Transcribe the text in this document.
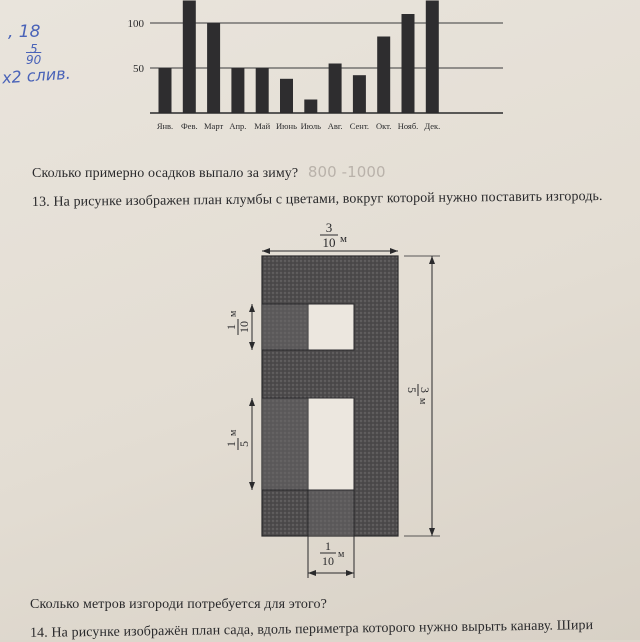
50
100
Янв. Фев. Март Апр. Май Июнь Июль Авг. Сент. Окт. Нояб. Дек.
, 18
5
90
х2 слив.
Сколько примерно осадков выпало за зиму? 800 -1000
13. На рисунке изображен план клумбы с цветами, вокруг которой нужно поставить изгородь.
3
10 м
1 10
м
1 5
м
3
5
м
1
10 м
Сколько метров изгороди потребуется для этого?
14. На рисунке изображён план сада, вдоль периметра которого нужно вырыть канаву. Шири
